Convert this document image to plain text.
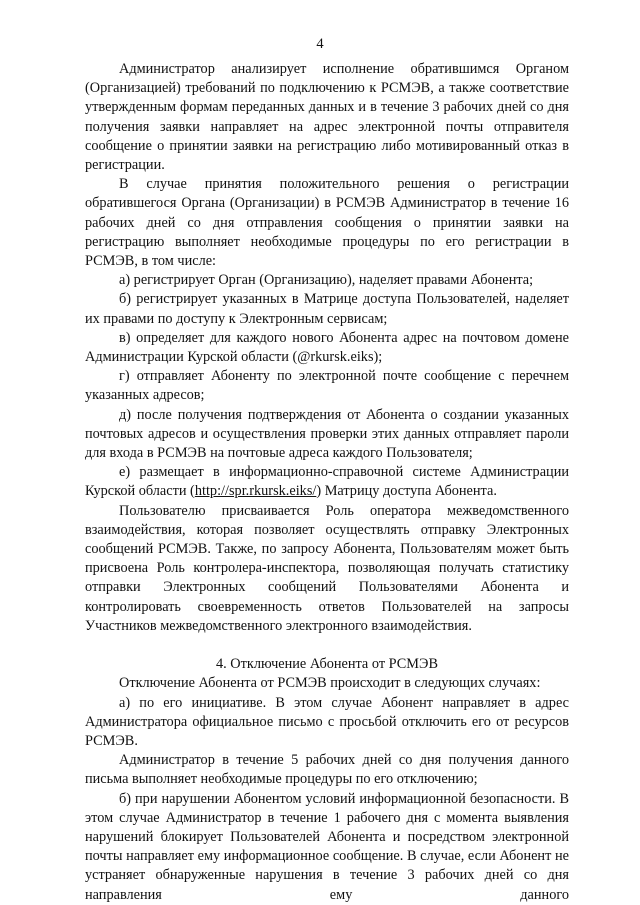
4

Администратор анализирует исполнение обратившимся Органом (Организацией) требований по подключению к РСМЭВ, а также соответствие утвержденным формам переданных данных и в течение 3 рабочих дней со дня получения заявки направляет на адрес электронной почты отправителя сообщение о принятии заявки на регистрацию либо мотивированный отказ в регистрации.

В случае принятия положительного решения о регистрации обратившегося Органа (Организации) в РСМЭВ Администратор в течение 16 рабочих дней со дня отправления сообщения о принятии заявки на регистрацию выполняет необходимые процедуры по его регистрации в РСМЭВ, в том числе:

а) регистрирует Орган (Организацию), наделяет правами Абонента;

б) регистрирует указанных в Матрице доступа Пользователей, наделяет их правами по доступу к Электронным сервисам;

в) определяет для каждого нового Абонента адрес на почтовом домене Администрации Курской области (@rkursk.eiks);

г) отправляет Абоненту по электронной почте сообщение с перечнем указанных адресов;

д) после получения подтверждения от Абонента о создании указанных почтовых адресов и осуществления проверки этих данных отправляет пароли для входа в РСМЭВ на почтовые адреса каждого Пользователя;

е) размещает в информационно-справочной системе Администрации Курской области (http://spr.rkursk.eiks/) Матрицу доступа Абонента.

Пользователю присваивается Роль оператора межведомственного взаимодействия, которая позволяет осуществлять отправку Электронных сообщений РСМЭВ. Также, по запросу Абонента, Пользователям может быть присвоена Роль контролера-инспектора, позволяющая получать статистику отправки Электронных сообщений Пользователями Абонента и контролировать своевременность ответов Пользователей на запросы Участников межведомственного электронного взаимодействия.

4. Отключение Абонента от РСМЭВ

Отключение Абонента от РСМЭВ происходит в следующих случаях:

а) по его инициативе. В этом случае Абонент направляет в адрес Администратора официальное письмо с просьбой отключить его от ресурсов РСМЭВ.

Администратор в течение 5 рабочих дней со дня получения данного письма выполняет необходимые процедуры по его отключению;

б) при нарушении Абонентом условий информационной безопасности. В этом случае Администратор в течение 1 рабочего дня с момента выявления нарушений блокирует Пользователей Абонента и посредством электронной почты направляет ему информационное сообщение. В случае, если Абонент не устраняет обнаруженные нарушения в течение 3 рабочих дней со дня направления ему данного
